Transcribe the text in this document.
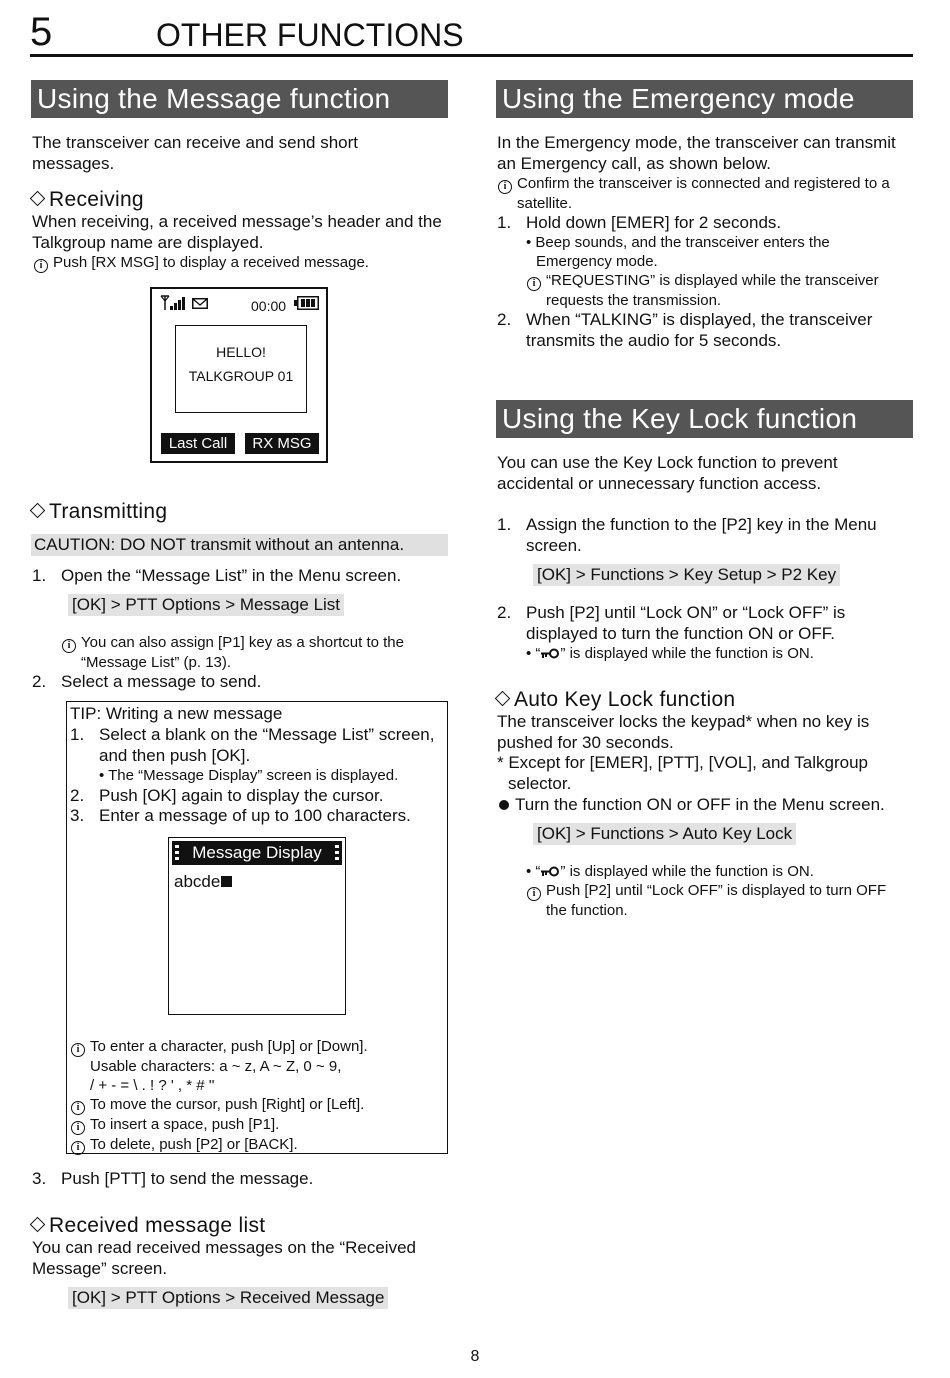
5	OTHER FUNCTIONS
Using the Message function
The transceiver can receive and send short
messages.
Receiving
When receiving, a received message’s header and the
Talkgroup name are displayed.
i Push [RX MSG] to display a received message.
00:00
HELLO!
TALKGROUP 01
Last Call	RX MSG
Transmitting
CAUTION: DO NOT transmit without an antenna.
1. Open the “Message List” in the Menu screen.
[OK] > PTT Options > Message List
i You can also assign [P1] key as a shortcut to the
“Message List” (p. 13).
2. Select a message to send.
TIP: Writing a new message
1. Select a blank on the “Message List” screen,
and then push [OK].
• The “Message Display” screen is displayed.
2. Push [OK] again to display the cursor.
3. Enter a message of up to 100 characters.
i To enter a character, push [Up] or [Down].
Usable characters: a ~ z, A ~ Z, 0 ~ 9,
/ + - = \ . ! ? ' , * # ''
i To move the cursor, push [Right] or [Left].
i To insert a space, push [P1].
i To delete, push [P2] or [BACK].
Message Display
abcde
3. Push [PTT] to send the message.
Received message list
You can read received messages on the “Received
Message” screen.
[OK] > PTT Options > Received Message
Using the Emergency mode
In the Emergency mode, the transceiver can transmit
an Emergency call, as shown below.
i Confirm the transceiver is connected and registered to a
satellite.
1. Hold down [EMER] for 2 seconds.
• Beep sounds, and the transceiver enters the
Emergency mode.
i “REQUESTING” is displayed while the transceiver
requests the transmission.
2. When “TALKING” is displayed, the transceiver
transmits the audio for 5 seconds.
Using the Key Lock function
You can use the Key Lock function to prevent
accidental or unnecessary function access.
1. Assign the function to the [P2] key in the Menu
screen.
[OK] > Functions > Key Setup > P2 Key
2. Push [P2] until “Lock ON” or “Lock OFF” is
displayed to turn the function ON or OFF.
• “ ” is displayed while the function is ON.
Auto Key Lock function
The transceiver locks the keypad* when no key is
pushed for 30 seconds.
* Except for [EMER], [PTT], [VOL], and Talkgroup
selector.
Turn the function ON or OFF in the Menu screen.
[OK] > Functions > Auto Key Lock
• “ ” is displayed while the function is ON.
i Push [P2] until “Lock OFF” is displayed to turn OFF
the function.
8
